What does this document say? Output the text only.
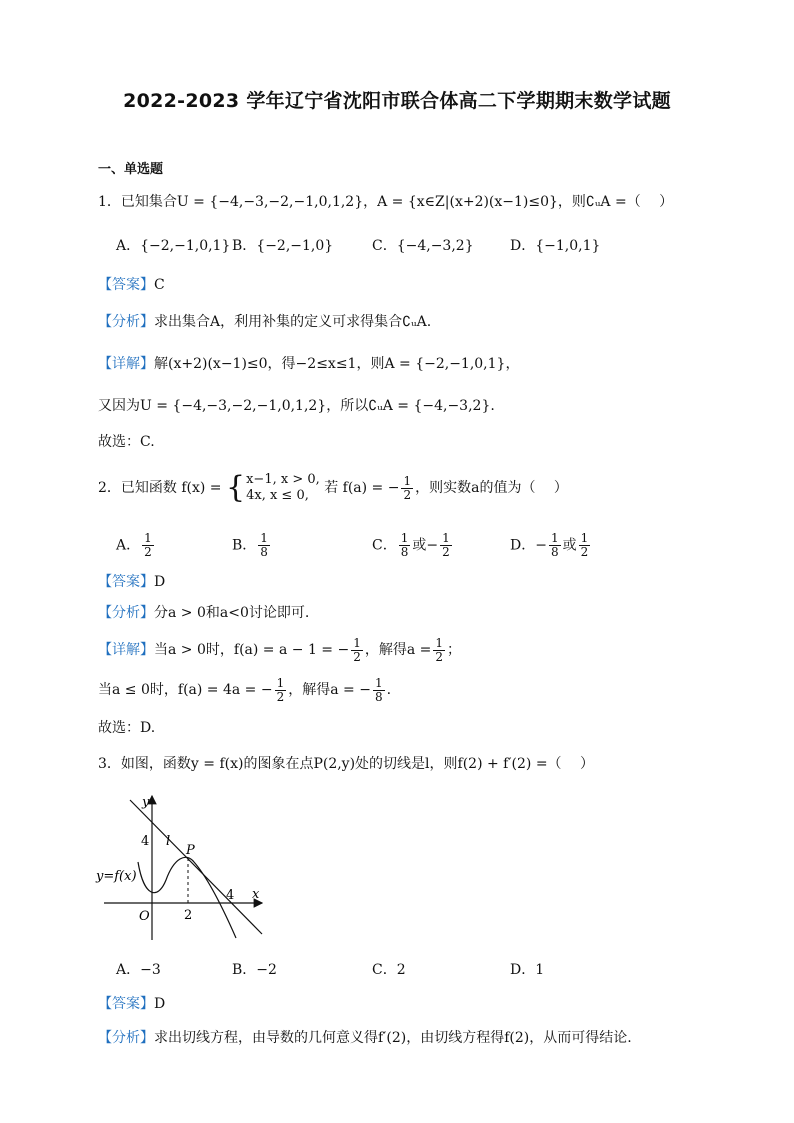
2022-2023 学年辽宁省沈阳市联合体高二下学期期末数学试题
一、单选题
1．已知集合U = {−4,−3,−2,−1,0,1,2}，A = {x∈Z|(x+2)(x−1)≤0}，则∁ᵤA =（　 ）
A．{−2,−1,0,1} B．{−2,−1,0}	C．{−4,−3,2}	D．{−1,0,1}
【答案】C
【分析】求出集合A，利用补集的定义可求得集合∁ᵤA.
【详解】解(x+2)(x−1)≤0，得−2≤x≤1，则A = {−2,−1,0,1}，
又因为U = {−4,−3,−2,−1,0,1,2}，所以∁ᵤA = {−4,−3,2}.
故选：C.
2．已知函数 f(x) = { x−1, x > 0,
4x, x ≤ 0,	若 f(a) = − $\frac{1}{2}$ ，则实数a的值为（　 ）
A． $\frac{1}{2}$	B． $\frac{1}{8}$	C． $\frac{1}{8}$ 或− $\frac{1}{2}$	D．− $\frac{1}{8}$ 或 $\frac{1}{2}$
【答案】D
【分析】分a > 0和a<0讨论即可.
【详解】当a > 0时，f(a) = a − 1 = − $\frac{1}{2}$ ，解得$a = \frac{1}{2}$ ；
当a ≤ 0时，f(a) = 4a = − $\frac{1}{2}$ ，解得a = − $\frac{1}{8}$ .
故选：D.
3．如图，函数y = f(x)的图象在点P(2,y)处的切线是l，则f(2) + f′(2) =（　 ）
y
x
O
4 l
P
y=f(x)
2
4
A．−3	B．−2	C．2	D．1
【答案】D
【分析】求出切线方程，由导数的几何意义得f′(2)，由切线方程得f(2)，从而可得结论.
